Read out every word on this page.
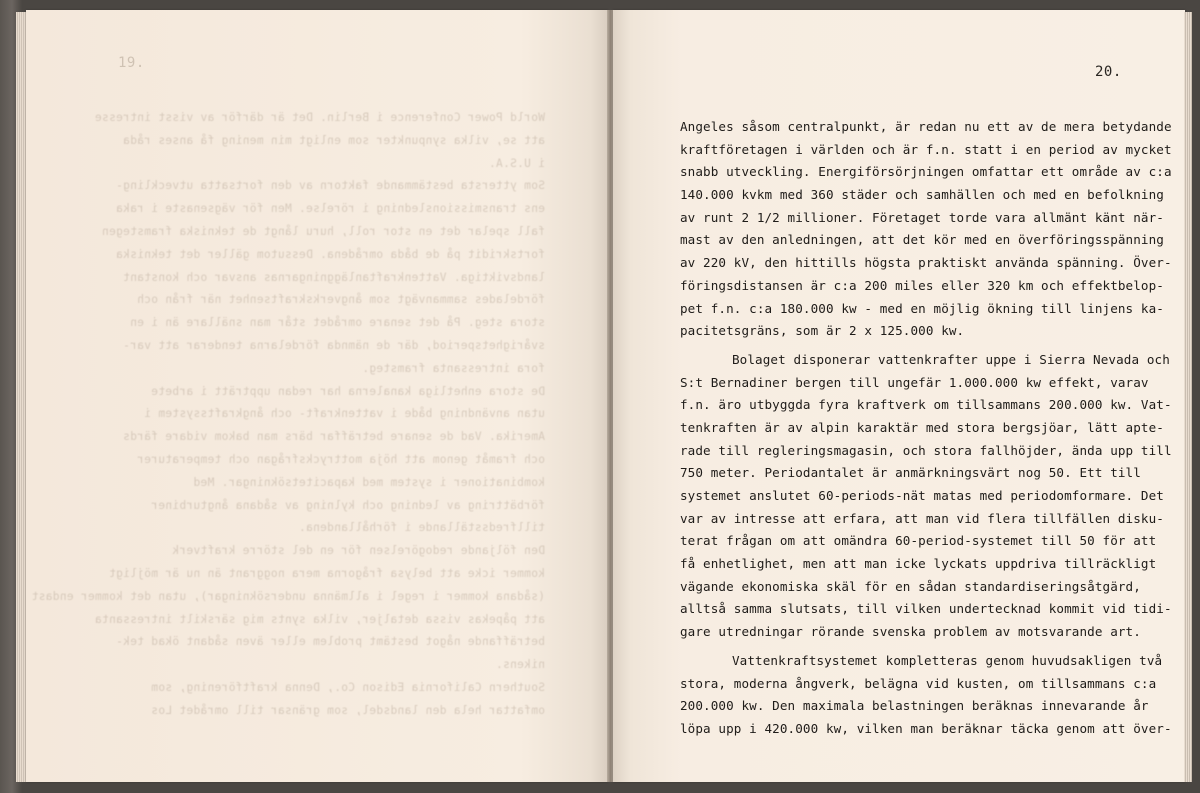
19.
World Power Conference i Berlin. Det är därför av visst intresse
att se, vilka synpunkter som enligt min mening få anses råda
i U.S.A.
Som yttersta bestämmande faktorn av den fortsatta utveckling-
ens transmissionsledning i rörelse. Men för vägsenaste i raka
fall spelar det en stor roll, huru långt de tekniska framstegen
fortskridit på de båda områdena. Dessutom gäller det tekniska
landsviktiga. Vattenkraftanläggningarnas ansvar och konstant
fördelades sammanvägt som ångverkskraftsenhet när från och
stora steg. På det senare området står man snällare än i en
svårighetsperiod, där de nämnda fördelarna tenderar att var-
fora intressanta framsteg.
De stora enhetliga kanalerna har redan uppträtt i arbete
utan användning både i vattenkraft- och ångkraftssystem i
Amerika. Vad de senare beträffar bärs man bakom vidare färds
och framåt genom att höja mottrycksfrågan och temperaturer
kombinationer i system med kapacitetsökningar. Med
förbättring av ledning och kylning av sådana ångturbiner
tillfredsställande i förhållandena.
Den följande redogörelsen för en del större kraftverk
kommer icke att belysa frågorna mera noggrant än nu är möjligt
(sådana kommer i regel i allmänna undersökningar), utan det kommer endast
att påpekas vissa detaljer, vilka synts mig särskilt intressanta
beträffande något bestämt problem eller även sådant ökad tek-
nikens.
Southern California Edison Co., Denna kraftförening, som
omfattar hela den landsdel, som gränsar till området Los
20.
Angeles såsom centralpunkt, är redan nu ett av de mera betydande
kraftföretagen i världen och är f.n. statt i en period av mycket
snabb utveckling. Energiförsörjningen omfattar ett område av c:a
140.000 kvkm med 360 städer och samhällen och med en befolkning
av runt 2 1/2 millioner. Företaget torde vara allmänt känt när-
mast av den anledningen, att det kör med en överföringsspänning
av 220 kV, den hittills högsta praktiskt använda spänning. Över-
föringsdistansen är c:a 200 miles eller 320 km och effektbelop-
pet f.n. c:a 180.000 kw - med en möjlig ökning till linjens ka-
pacitetsgräns, som är 2 x 125.000 kw.
Bolaget disponerar vattenkrafter uppe i Sierra Nevada och
S:t Bernadiner bergen till ungefär 1.000.000 kw effekt, varav
f.n. äro utbyggda fyra kraftverk om tillsammans 200.000 kw. Vat-
tenkraften är av alpin karaktär med stora bergsjöar, lätt apte-
rade till regleringsmagasin, och stora fallhöjder, ända upp till
750 meter. Periodantalet är anmärkningsvärt nog 50. Ett till
systemet anslutet 60-periods-nät matas med periodomformare. Det
var av intresse att erfara, att man vid flera tillfällen disku-
terat frågan om att omändra 60-period-systemet till 50 för att
få enhetlighet, men att man icke lyckats uppdriva tillräckligt
vägande ekonomiska skäl för en sådan standardiseringsåtgärd,
alltså samma slutsats, till vilken undertecknad kommit vid tidi-
gare utredningar rörande svenska problem av motsvarande art.
Vattenkraftsystemet kompletteras genom huvudsakligen två
stora, moderna ångverk, belägna vid kusten, om tillsammans c:a
200.000 kw. Den maximala belastningen beräknas innevarande år
löpa upp i 420.000 kw, vilken man beräknar täcka genom att över-
